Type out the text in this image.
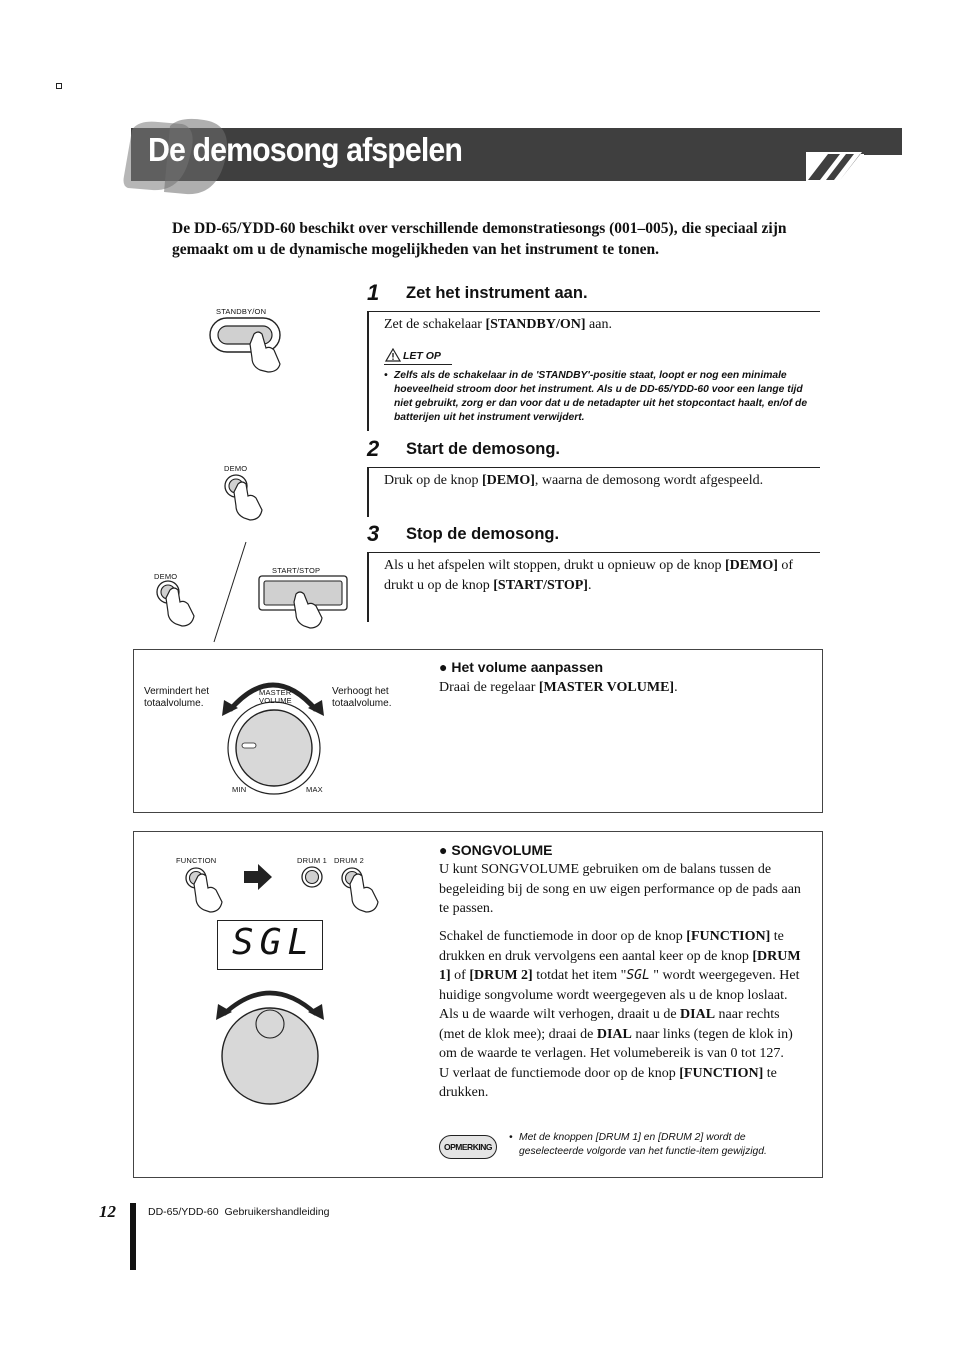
De demosong afspelen
De DD-65/YDD-60 beschikt over verschillende demonstratiesongs (001–005), die speciaal zijn gemaakt om u de dynamische mogelijkheden van het instrument te tonen.
STANDBY/ON
1 Zet het instrument aan.
Zet de schakelaar [STANDBY/ON] aan.
LET OP
• Zelfs als de schakelaar in de 'STANDBY'-positie staat, loopt er nog een minimale hoeveelheid stroom door het instrument. Als u de DD-65/YDD-60 voor een lange tijd niet gebruikt, zorg er dan voor dat u de netadapter uit het stopcontact haalt, en/of de batterijen uit het instrument verwijdert.
DEMO
2 Start de demosong.
Druk op de knop [DEMO], waarna de demosong wordt afgespeeld.
DEMO
START/STOP
3 Stop de demosong.
Als u het afspelen wilt stoppen, drukt u opnieuw op de knop [DEMO] of drukt u op de knop [START/STOP].
Vermindert het totaalvolume.
Verhoogt het totaalvolume.
MASTER
VOLUME
MIN	MAX
● Het volume aanpassen
Draai de regelaar [MASTER VOLUME].
FUNCTION	DRUM 1 DRUM 2
SGL
● SONGVOLUME
U kunt SONGVOLUME gebruiken om de balans tussen de begeleiding bij de song en uw eigen performance op de pads aan te passen.
Schakel de functiemode in door op de knop [FUNCTION] te drukken en druk vervolgens een aantal keer op de knop [DRUM 1] of [DRUM 2] totdat het item "SGL " wordt weergegeven. Het huidige songvolume wordt weergegeven als u de knop loslaat.
Als u de waarde wilt verhogen, draait u de DIAL naar rechts (met de klok mee); draai de DIAL naar links (tegen de klok in) om de waarde te verlagen. Het volumebereik is van 0 tot 127.
U verlaat de functiemode door op de knop [FUNCTION] te drukken.
OPMERKING
• Met de knoppen [DRUM 1] en [DRUM 2] wordt de geselecteerde volgorde van het functie-item gewijzigd.
12	DD-65/YDD-60  Gebruikershandleiding
